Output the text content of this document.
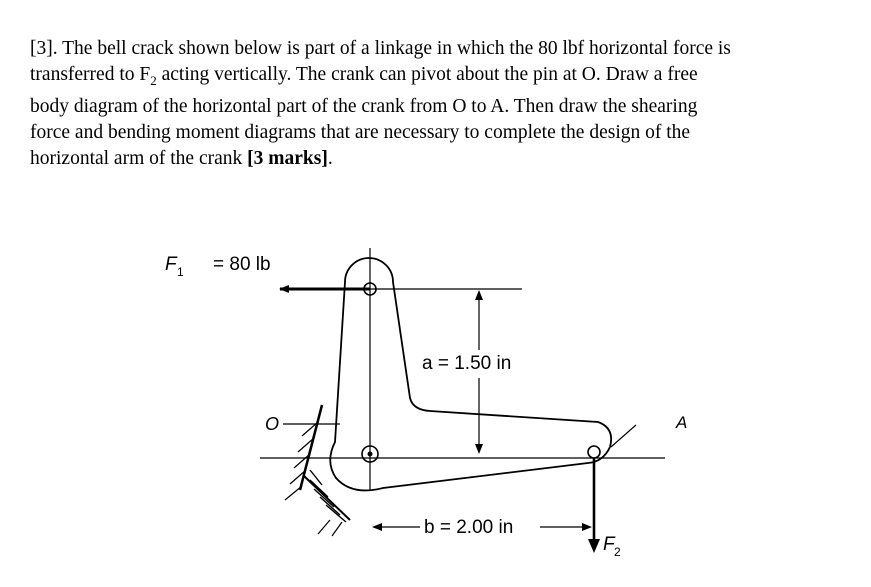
[3]. The bell crack shown below is part of a linkage in which the 80 lbf horizontal force is
transferred to $F_2$ acting vertically. The crank can pivot about the pin at O. Draw a free
body diagram of the horizontal part of the crank from O to A. Then draw the shearing
force and bending moment diagrams that are necessary to complete the design of the
horizontal arm of the crank [3 marks].
F 1 = 80 lb
a = 1.50 in
O	A
b = 2.00 in
F 2
